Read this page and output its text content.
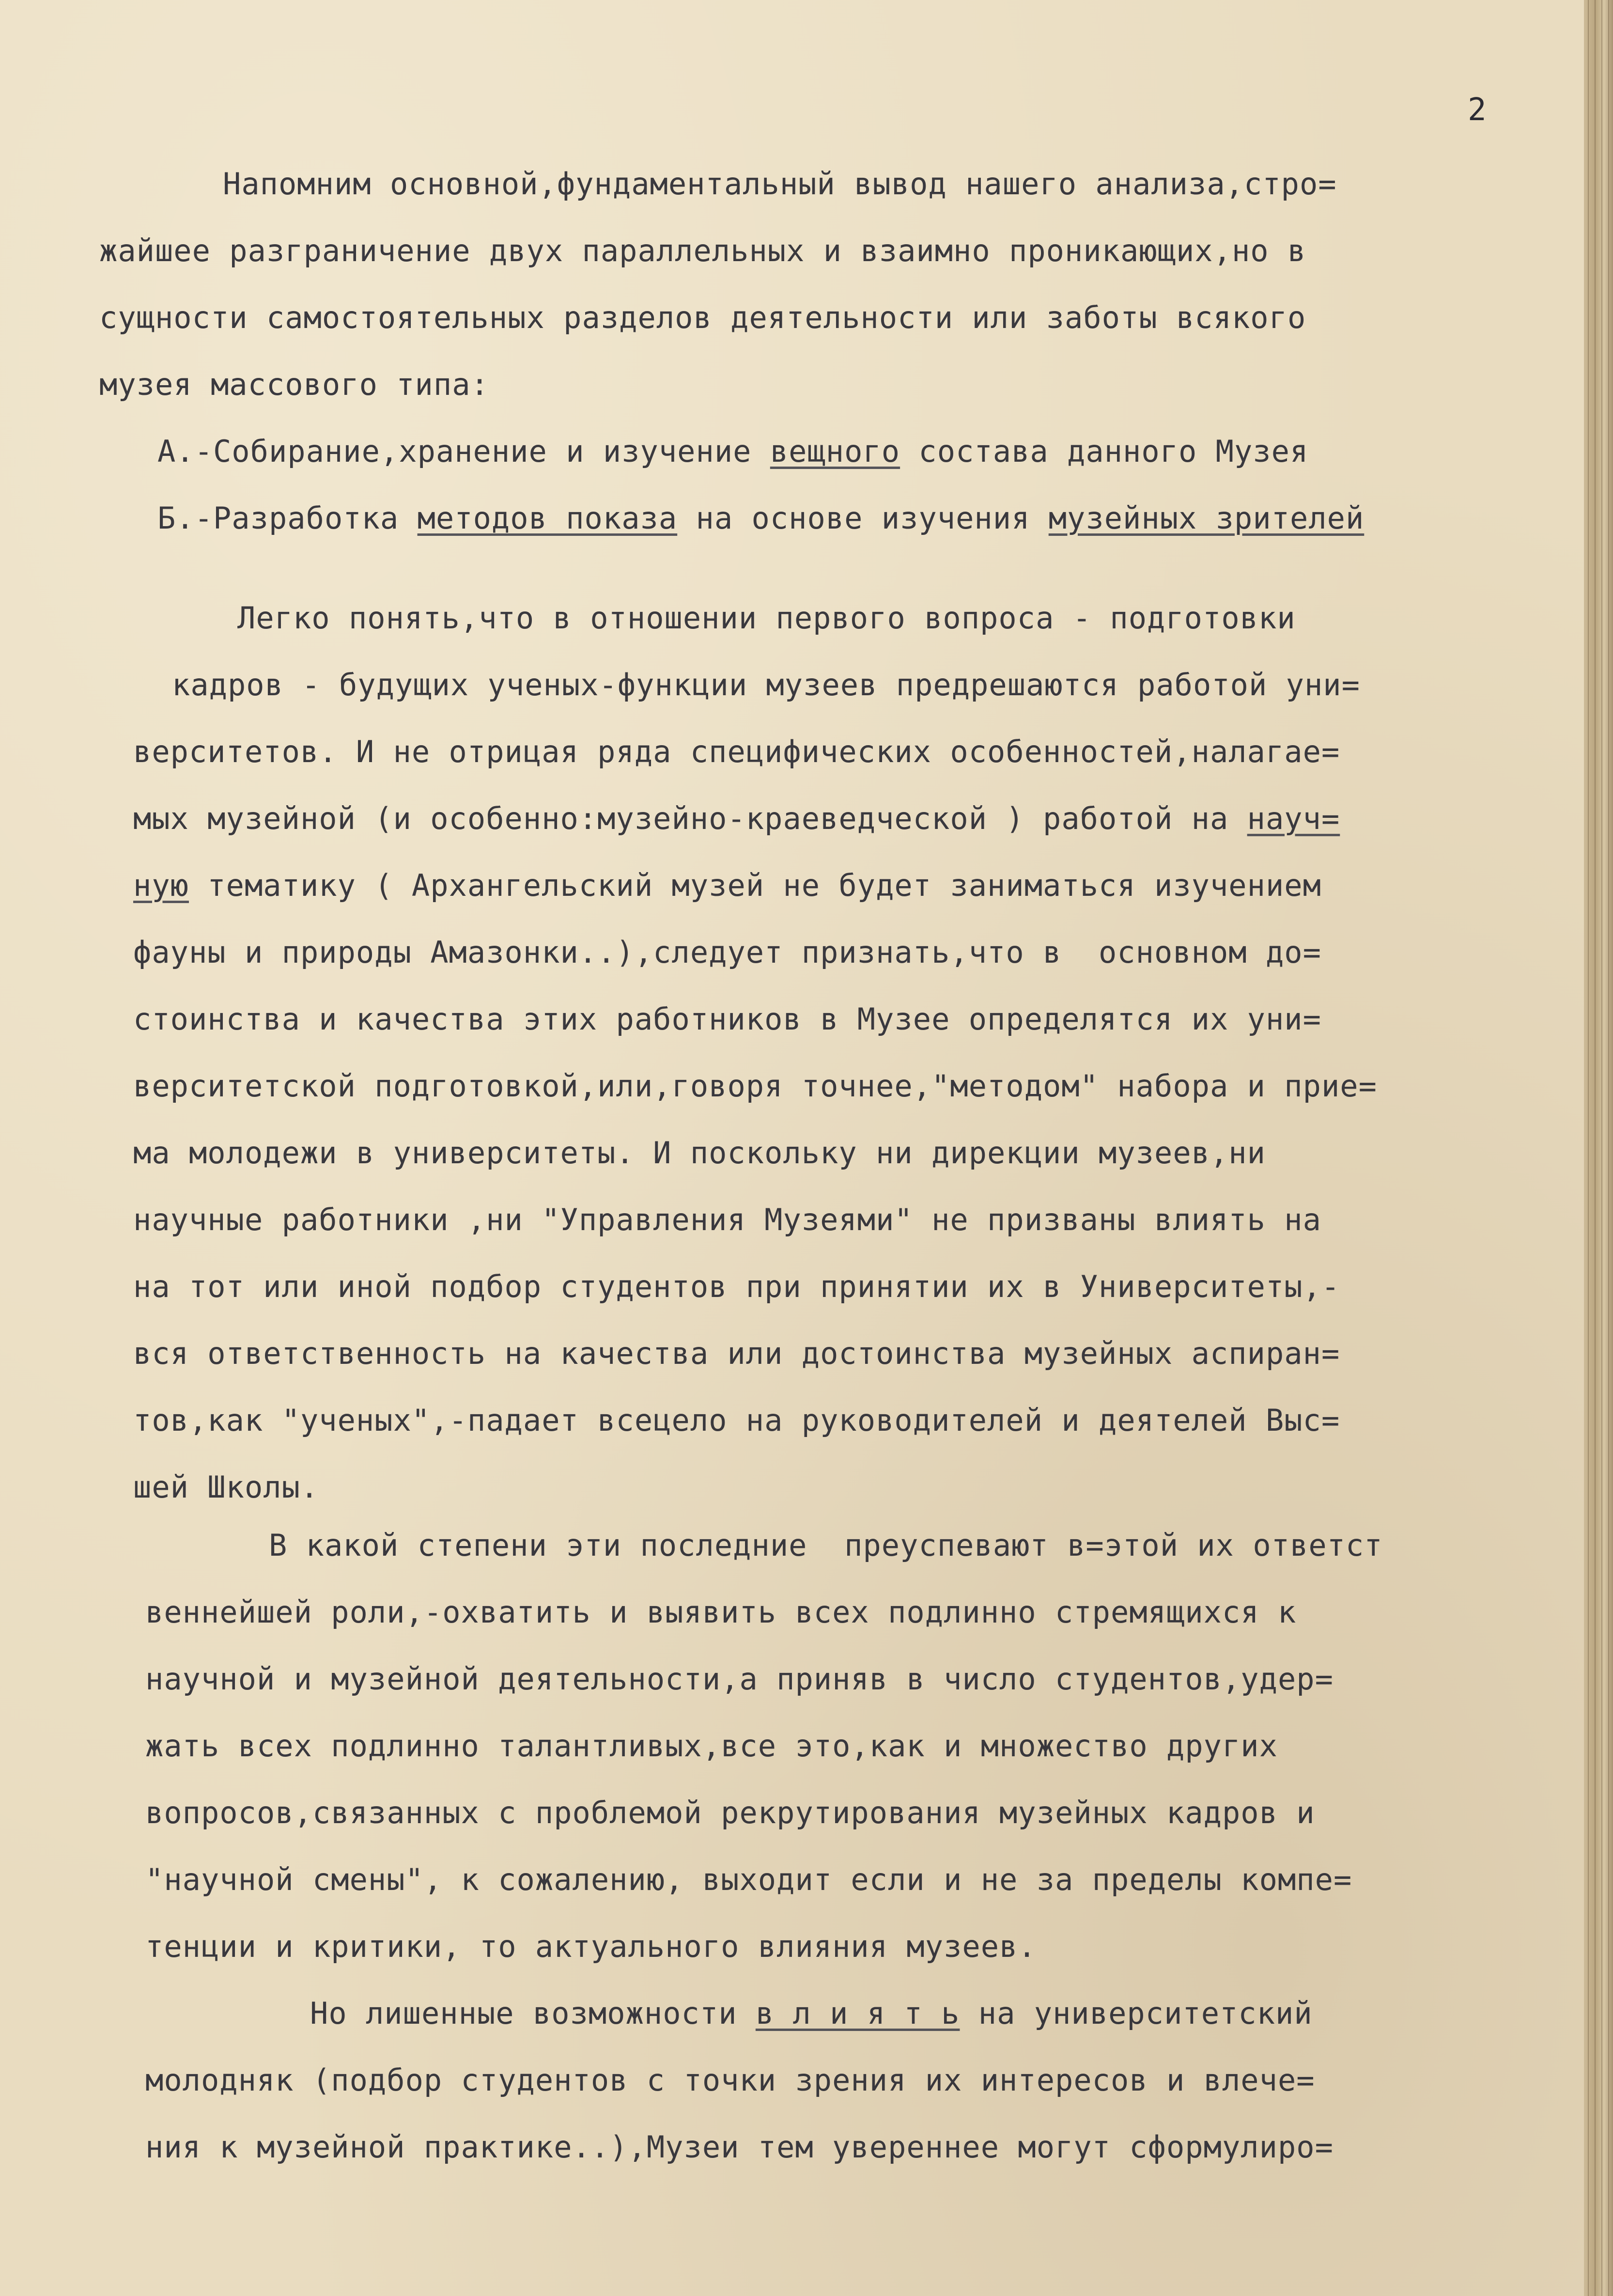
2
Напомним основной,фундаментальный вывод нашего анализа,стро=
жайшее разграничение двух параллельных и взаимно проникающих,но в
сущности самостоятельных разделов деятельности или заботы всякого
музея массового типа:
А.-Собирание,хранение и изучение вещного состава данного Музея
Б.-Разработка методов показа на основе изучения музейных зрителей
Легко понять,что в отношении первого вопроса - подготовки
кадров - будущих ученых-функции музеев предрешаются работой уни=
верситетов. И не отрицая ряда специфических особенностей,налагае=
мых музейной (и особенно:музейно-краеведческой ) работой на науч=
ную тематику ( Архангельский музей не будет заниматься изучением
фауны и природы Амазонки..),следует признать,что в  основном до=
стоинства и качества этих работников в Музее определятся их уни=
верситетской подготовкой,или,говоря точнее,"методом" набора и прие=
ма молодежи в университеты. И поскольку ни дирекции музеев,ни
научные работники ,ни "Управления Музеями" не призваны влиять на
на тот или иной подбор студентов при принятии их в Университеты,-
вся ответственность на качества или достоинства музейных аспиран=
тов,как "ученых",-падает всецело на руководителей и деятелей Выс=
шей Школы.
В какой степени эти последние  преуспевают в=этой их ответст
веннейшей роли,-охватить и выявить всех подлинно стремящихся к
научной и музейной деятельности,а приняв в число студентов,удер=
жать всех подлинно талантливых,все это,как и множество других
вопросов,связанных с проблемой рекрутирования музейных кадров и
"научной смены", к сожалению, выходит если и не за пределы компе=
тенции и критики, то актуального влияния музеев.
Но лишенные возможности в л и я т ь на университетский
молодняк (подбор студентов с точки зрения их интересов и влече=
ния к музейной практике..),Музеи тем увереннее могут сформулиро=
